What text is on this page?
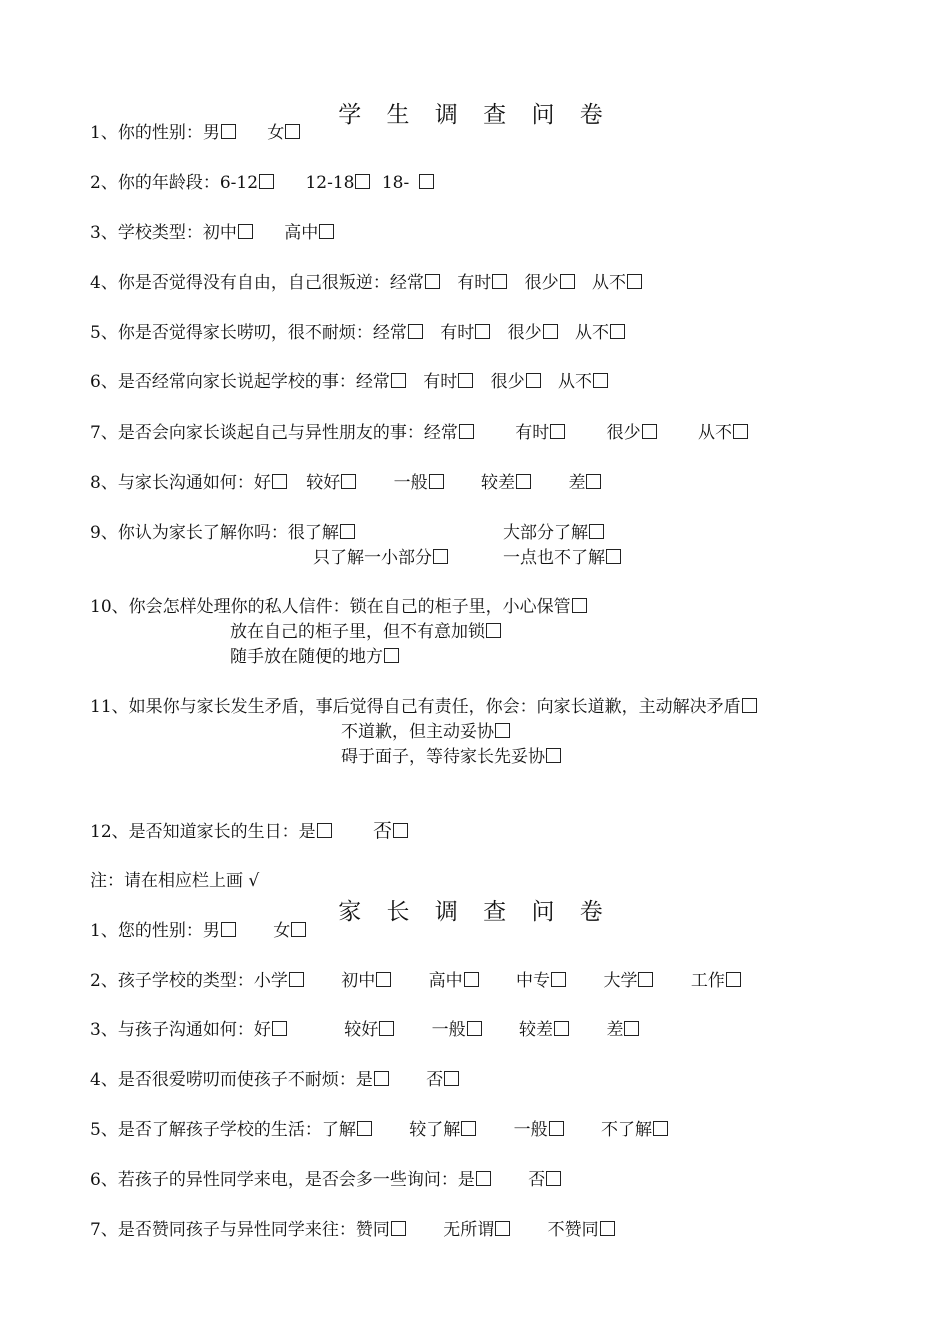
学 生 调 查 问 卷
1、你的性别：男	女
2、你的年龄段：6-12	12-18 18-
3、学校类型：初中	高中
4、你是否觉得没有自由，自己很叛逆：经常 有时 很少 从不
5、你是否觉得家长唠叨，很不耐烦：经常 有时 很少 从不
6、是否经常向家长说起学校的事：经常 有时 很少 从不
7、是否会向家长谈起自己与异性朋友的事：经常	有时	很少	从不
8、与家长沟通如何：好 较好	一般	较差	差
9、你认为家长了解你吗：很了解	大部分了解
只了解一小部分	一点也不了解
10、你会怎样处理你的私人信件：锁在自己的柜子里，小心保管
放在自己的柜子里，但不有意加锁
随手放在随便的地方
11、如果你与家长发生矛盾，事后觉得自己有责任，你会：向家长道歉，主动解决矛盾
不道歉，但主动妥协
碍于面子，等待家长先妥协
12、是否知道家长的生日：是	否
注：请在相应栏上画 √
家 长 调 查 问 卷
1、您的性别：男	女
2、孩子学校的类型：小学	初中	高中	中专	大学	工作
3、与孩子沟通如何：好	较好	一般	较差	差
4、是否很爱唠叨而使孩子不耐烦：是	否
5、是否了解孩子学校的生活：了解	较了解	一般	不了解
6、若孩子的异性同学来电，是否会多一些询问：是	否
7、是否赞同孩子与异性同学来往：赞同	无所谓	不赞同
